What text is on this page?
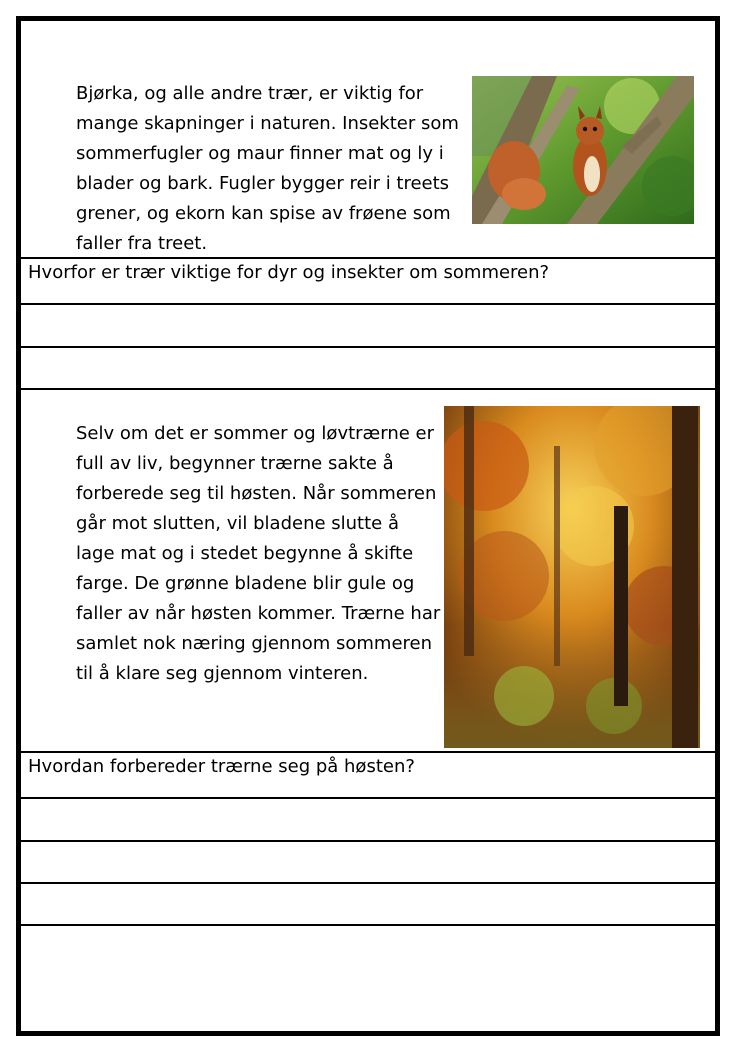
Bjørka, og alle andre trær, er viktig for mange skapninger i naturen. Insekter som sommerfugler og maur finner mat og ly i blader og bark. Fugler bygger reir i treets grener, og ekorn kan spise av frøene som faller fra treet.

Hvorfor er trær viktige for dyr og insekter om sommeren?

Selv om det er sommer og løvtrærne er full av liv, begynner trærne sakte å forberede seg til høsten. Når sommeren går mot slutten, vil bladene slutte å lage mat og i stedet begynne å skifte farge. De grønne bladene blir gule og faller av når høsten kommer. Trærne har samlet nok næring gjennom sommeren til å klare seg gjennom vinteren.

Hvordan forbereder trærne seg på høsten?
